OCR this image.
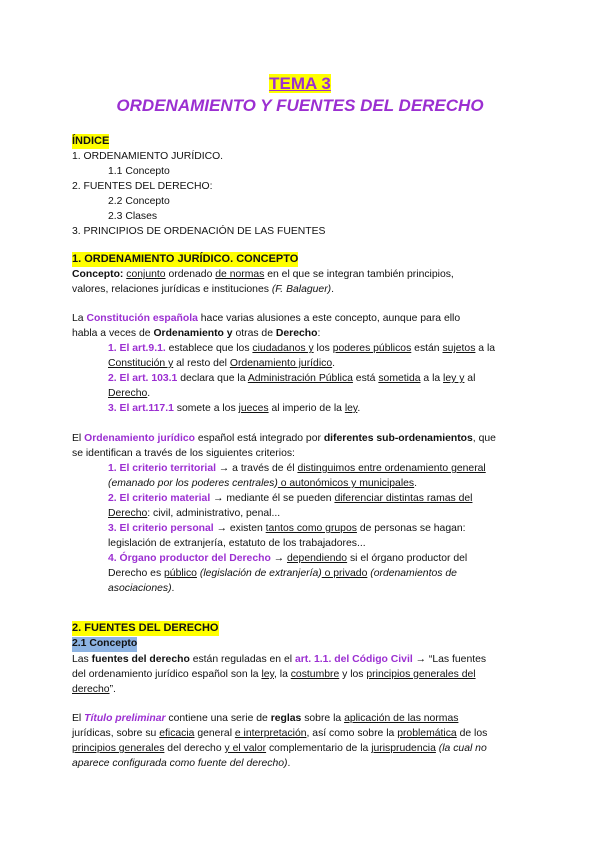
TEMA 3
ORDENAMIENTO Y FUENTES DEL DERECHO
ÍNDICE
1. ORDENAMIENTO JURÍDICO.
1.1 Concepto
2. FUENTES DEL DERECHO:
2.2 Concepto
2.3 Clases
3. PRINCIPIOS DE ORDENACIÓN DE LAS FUENTES
1. ORDENAMIENTO JURÍDICO. CONCEPTO
Concepto: conjunto ordenado de normas en el que se integran también principios,
valores, relaciones jurídicas e instituciones (F. Balaguer).
La Constitución española hace varias alusiones a este concepto, aunque para ello
habla a veces de Ordenamiento y otras de Derecho:
1. El art.9.1. establece que los ciudadanos y los poderes públicos están sujetos a la
Constitución y al resto del Ordenamiento jurídico.
2. El art. 103.1 declara que la Administración Pública está sometida a la ley y al
Derecho.
3. El art.117.1 somete a los jueces al imperio de la ley.
El Ordenamiento jurídico español está integrado por diferentes sub-ordenamientos, que
se identifican a través de los siguientes criterios:
1. El criterio territorial → a través de él distinguimos entre ordenamiento general
(emanado por los poderes centrales) o autonómicos y municipales.
2. El criterio material → mediante él se pueden diferenciar distintas ramas del
Derecho: civil, administrativo, penal...
3. El criterio personal → existen tantos como grupos de personas se hagan:
legislación de extranjería, estatuto de los trabajadores...
4. Órgano productor del Derecho → dependiendo si el órgano productor del
Derecho es público (legislación de extranjería) o privado (ordenamientos de
asociaciones).
2. FUENTES DEL DERECHO
2.1 Concepto
Las fuentes del derecho están reguladas en el art. 1.1. del Código Civil → “Las fuentes
del ordenamiento jurídico español son la ley, la costumbre y los principios generales del
derecho”.
El Título preliminar contiene una serie de reglas sobre la aplicación de las normas
jurídicas, sobre su eficacia general e interpretación, así como sobre la problemática de los
principios generales del derecho y el valor complementario de la jurisprudencia (la cual no
aparece configurada como fuente del derecho).
